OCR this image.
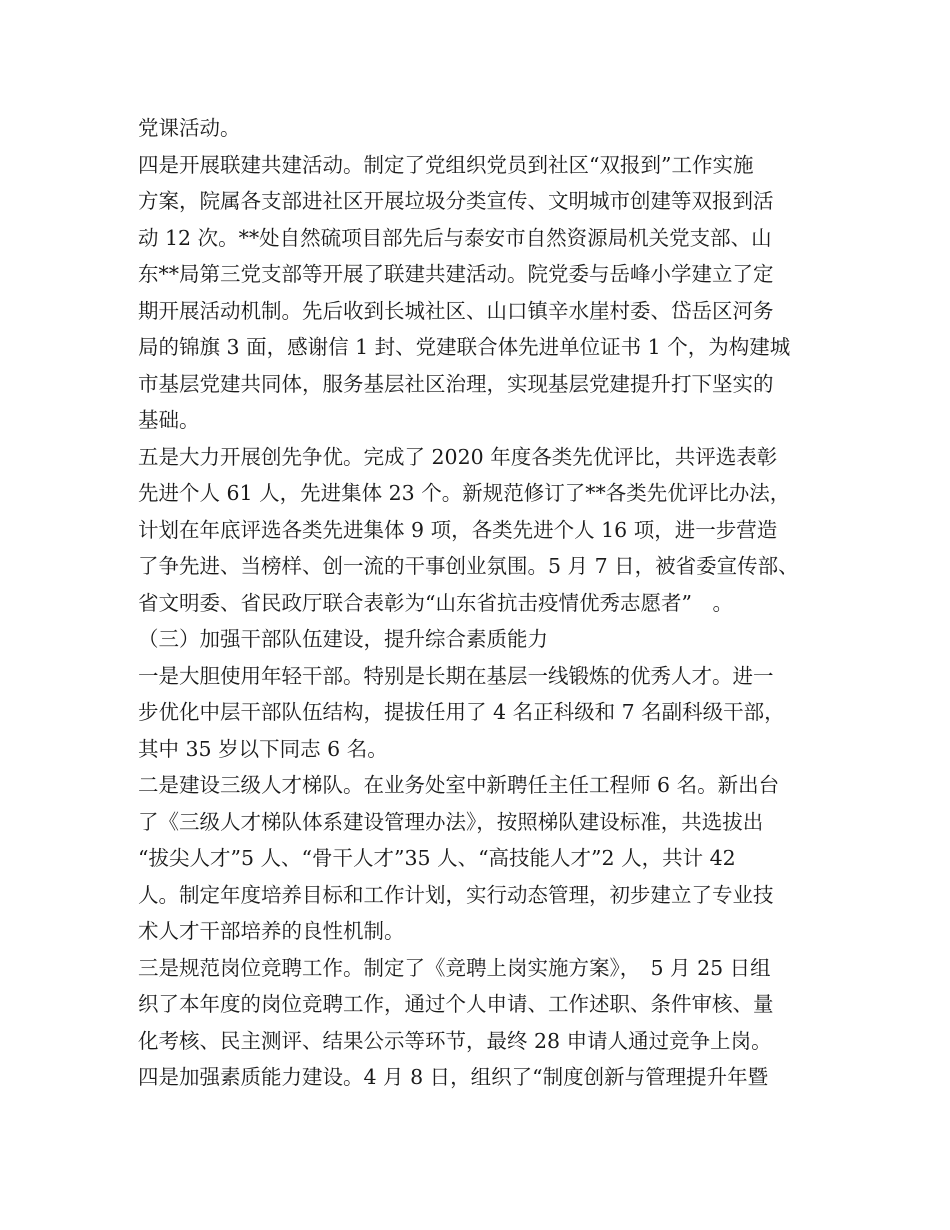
党课活动。
四是开展联建共建活动。制定了党组织党员到社区“双报到”工作实施
方案，院属各支部进社区开展垃圾分类宣传、文明城市创建等双报到活
动 12 次。**处自然硫项目部先后与泰安市自然资源局机关党支部、山
东**局第三党支部等开展了联建共建活动。院党委与岳峰小学建立了定
期开展活动机制。先后收到长城社区、山口镇辛水崖村委、岱岳区河务
局的锦旗 3 面，感谢信 1 封、党建联合体先进单位证书 1 个，为构建城
市基层党建共同体，服务基层社区治理，实现基层党建提升打下坚实的
基础。
五是大力开展创先争优。完成了 2020 年度各类先优评比，共评选表彰
先进个人 61 人，先进集体 23 个。新规范修订了**各类先优评比办法，
计划在年底评选各类先进集体 9 项，各类先进个人 16 项，进一步营造
了争先进、当榜样、创一流的干事创业氛围。5 月 7 日，被省委宣传部、
省文明委、省民政厅联合表彰为“山东省抗击疫情优秀志愿者”　。
（三）加强干部队伍建设，提升综合素质能力
一是大胆使用年轻干部。特别是长期在基层一线锻炼的优秀人才。进一
步优化中层干部队伍结构，提拔任用了 4 名正科级和 7 名副科级干部，
其中 35 岁以下同志 6 名。
二是建设三级人才梯队。在业务处室中新聘任主任工程师 6 名。新出台
了《三级人才梯队体系建设管理办法》，按照梯队建设标准，共选拔出
“拔尖人才”5 人、“骨干人才”35 人、“高技能人才”2 人，共计 42
人。制定年度培养目标和工作计划，实行动态管理，初步建立了专业技
术人才干部培养的良性机制。
三是规范岗位竞聘工作。制定了《竞聘上岗实施方案》，　5 月 25 日组
织了本年度的岗位竞聘工作，通过个人申请、工作述职、条件审核、量
化考核、民主测评、结果公示等环节，最终 28 申请人通过竞争上岗。
四是加强素质能力建设。4 月 8 日，组织了“制度创新与管理提升年暨
